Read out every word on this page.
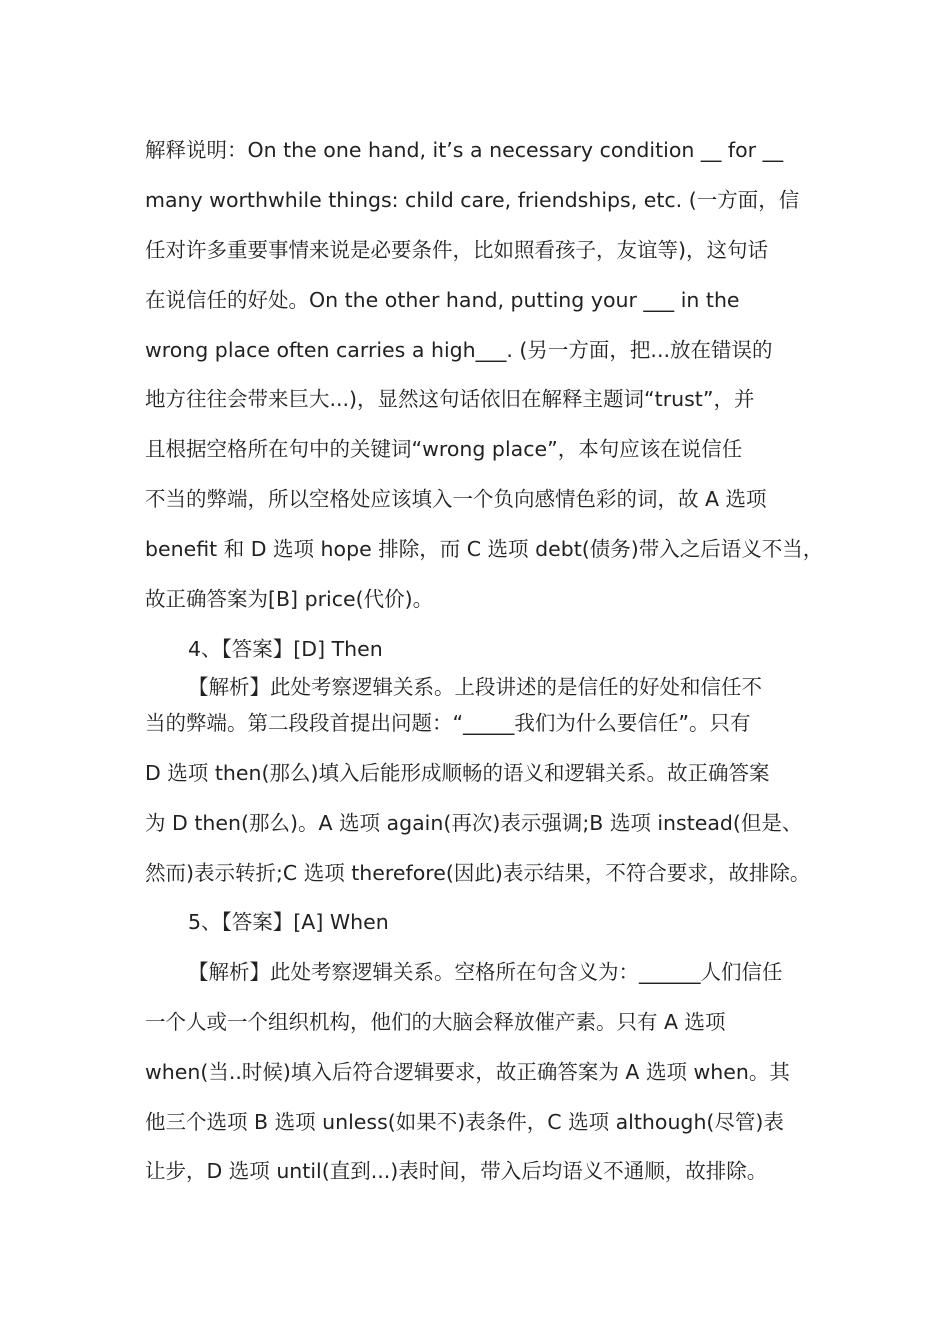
解释说明：On the one hand, it’s a necessary condition __ for __
many worthwhile things: child care, friendships, etc. (一方面，信
任对许多重要事情来说是必要条件，比如照看孩子，友谊等)，这句话
在说信任的好处。On the other hand, putting your ___ in the
wrong place often carries a high___. (另一方面，把...放在错误的
地方往往会带来巨大...)，显然这句话依旧在解释主题词“trust”，并
且根据空格所在句中的关键词“wrong place”，本句应该在说信任
不当的弊端，所以空格处应该填入一个负向感情色彩的词，故 A 选项
benefit 和 D 选项 hope 排除，而 C 选项 debt(债务)带入之后语义不当，
故正确答案为[B] price(代价)。
4、【答案】[D] Then
【解析】此处考察逻辑关系。上段讲述的是信任的好处和信任不
当的弊端。第二段段首提出问题：“_____我们为什么要信任”。只有
D 选项 then(那么)填入后能形成顺畅的语义和逻辑关系。故正确答案
为 D then(那么)。A 选项 again(再次)表示强调;B 选项 instead(但是、
然而)表示转折;C 选项 therefore(因此)表示结果，不符合要求，故排除。
5、【答案】[A] When
【解析】此处考察逻辑关系。空格所在句含义为：______人们信任
一个人或一个组织机构，他们的大脑会释放催产素。只有 A 选项
when(当..时候)填入后符合逻辑要求，故正确答案为 A 选项 when。其
他三个选项 B 选项 unless(如果不)表条件，C 选项 although(尽管)表
让步，D 选项 until(直到...)表时间，带入后均语义不通顺，故排除。
